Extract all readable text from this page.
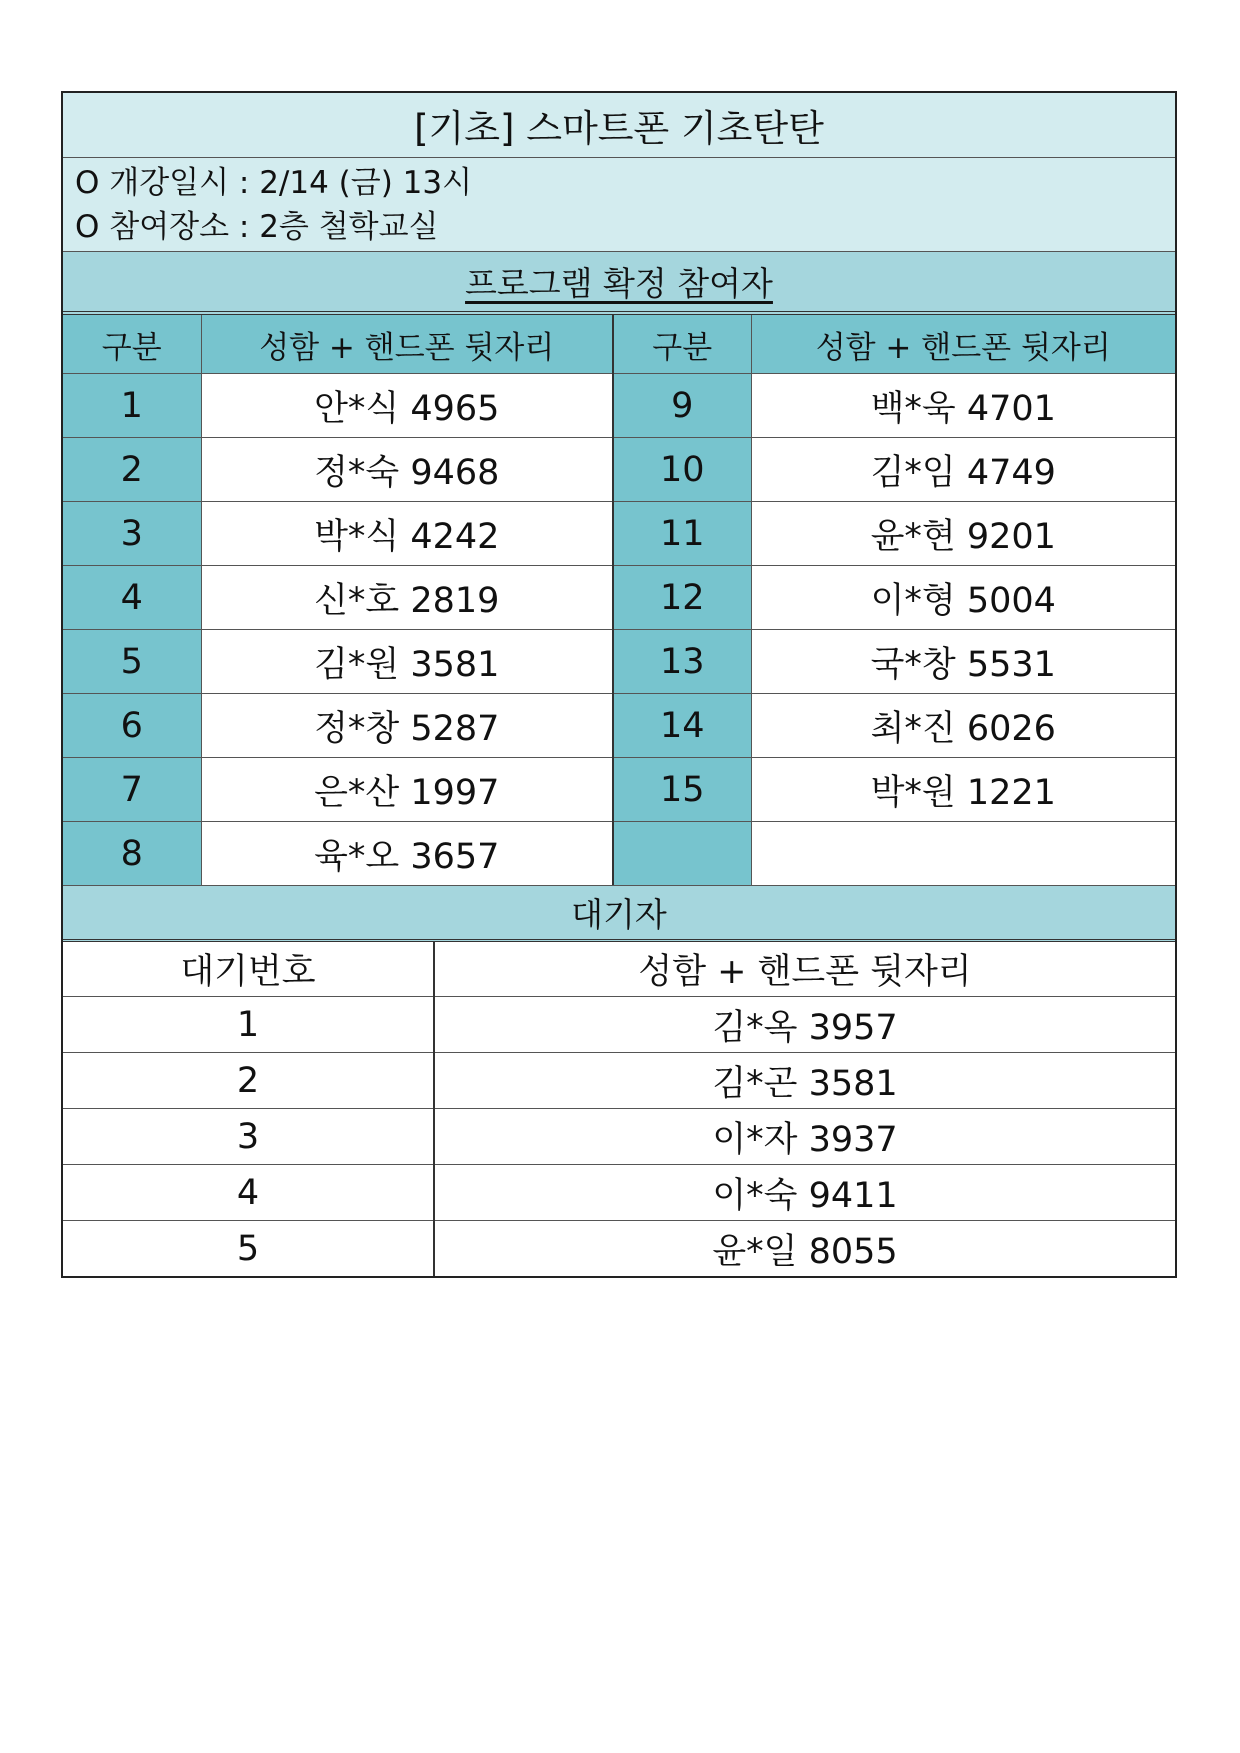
[기초] 스마트폰 기초탄탄
O 개강일시 : 2/14 (금) 13시
O 참여장소 : 2층 철학교실
프로그램 확정 참여자
구분	성함 + 핸드폰 뒷자리	구분	성함 + 핸드폰 뒷자리
1	안*식 4965	9	백*욱 4701
2	정*숙 9468	10	김*임 4749
3	박*식 4242	11	윤*현 9201
4	신*호 2819	12	이*형 5004
5	김*원 3581	13	국*창 5531
6	정*창 5287	14	최*진 6026
7	은*산 1997	15	박*원 1221
8	육*오 3657		
대기자
대기번호	성함 + 핸드폰 뒷자리
1	김*옥 3957
2	김*곤 3581
3	이*자 3937
4	이*숙 9411
5	윤*일 8055
